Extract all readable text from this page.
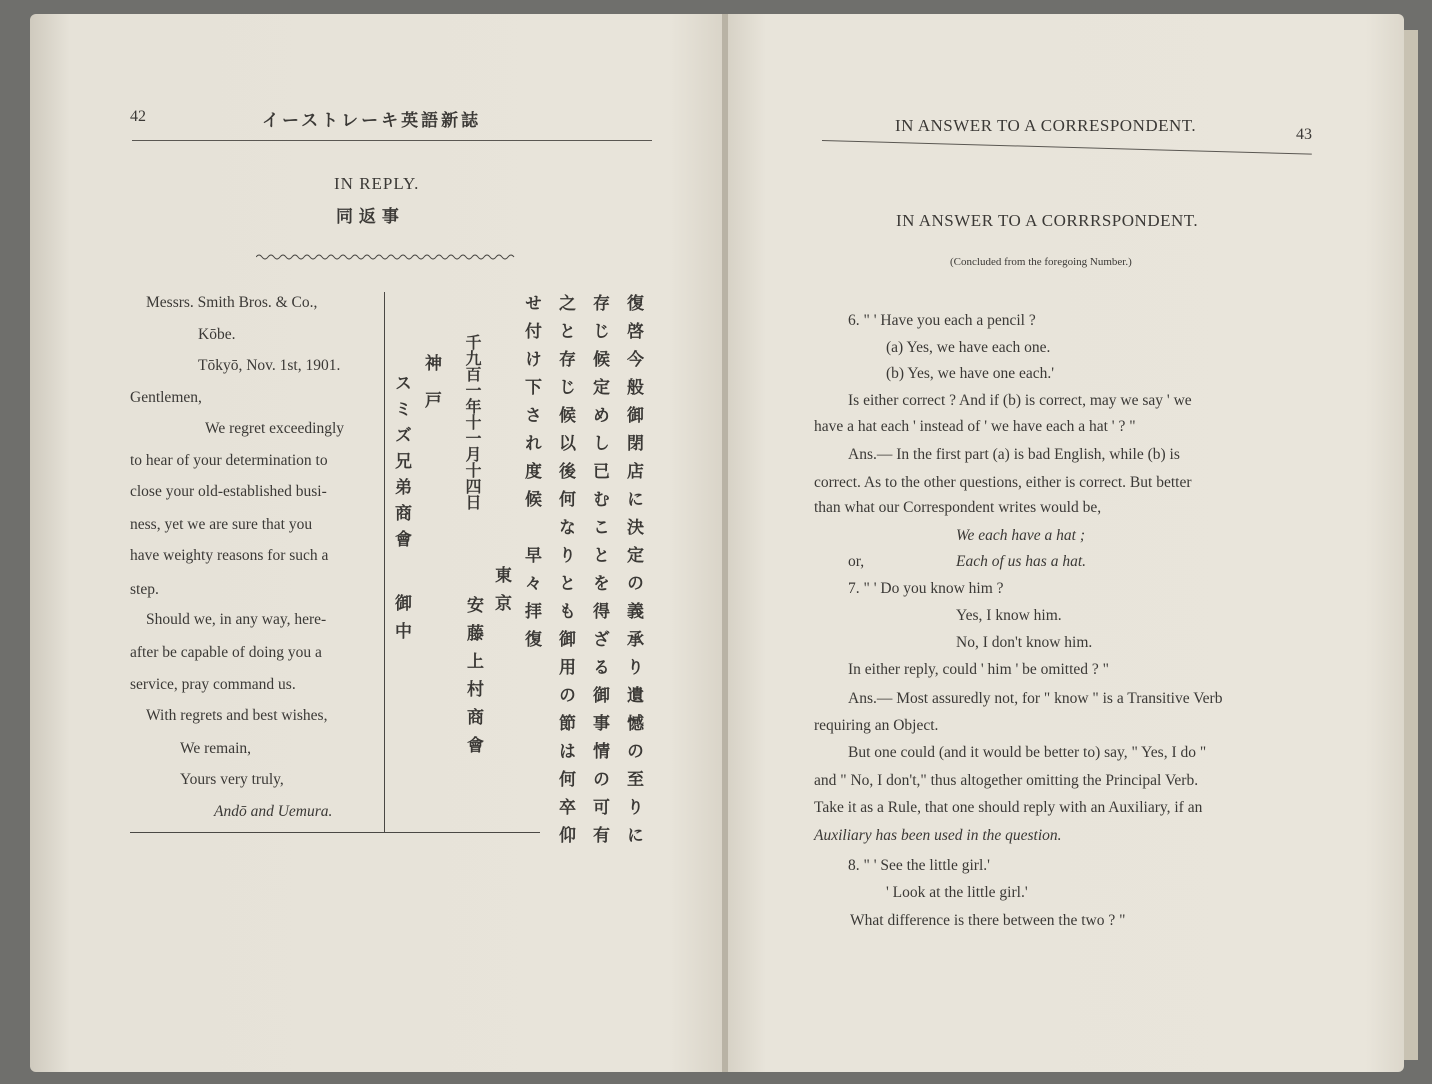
42	イーストレーキ英語新誌
IN REPLY.
同 返 事
Messrs. Smith Bros. & Co.,
Kōbe.
Tōkyō, Nov. 1st, 1901.
Gentlemen,
We regret exceedingly
to hear of your determination to
close your old-established busi-
ness, yet we are sure that you
have weighty reasons for such a
step.
Should we, in any way, here-
after be capable of doing you a
service, pray command us.
With regrets and best wishes,
We remain,
Yours very truly,
Andō and Uemura.	復啓今般御閉店に決定の義承り遺憾の至りに
存じ候定めし已むことを得ざる御事情の可有
之と存じ候以後何なりとも御用の節は何卒仰
せ付け下され度候　早々拝復
東京
安藤上村商會
千九百一年十一月十四日
神戸
スミズ兄弟商會
御中
IN ANSWER TO A CORRESPONDENT.	43
IN ANSWER TO A CORRRSPONDENT.
(Concluded from the foregoing Number.)
6. " ' Have you each a pencil ?
(a) Yes, we have each one.
(b) Yes, we have one each.'
Is either correct ? And if (b) is correct, may we say ' we
have a hat each ' instead of ' we have each a hat ' ? "
Ans.— In the first part (a) is bad English, while (b) is
correct. As to the other questions, either is correct. But better
than what our Correspondent writes would be,
We each have a hat ;
or,	Each of us has a hat.
7. " ' Do you know him ?
Yes, I know him.
No, I don't know him.
In either reply, could ' him ' be omitted ? "
Ans.— Most assuredly not, for " know " is a Transitive Verb
requiring an Object.
But one could (and it would be better to) say, " Yes, I do "
and " No, I don't," thus altogether omitting the Principal Verb.
Take it as a Rule, that one should reply with an Auxiliary, if an
Auxiliary has been used in the question.
8. " ' See the little girl.'
' Look at the little girl.'
What difference is there between the two ? "
